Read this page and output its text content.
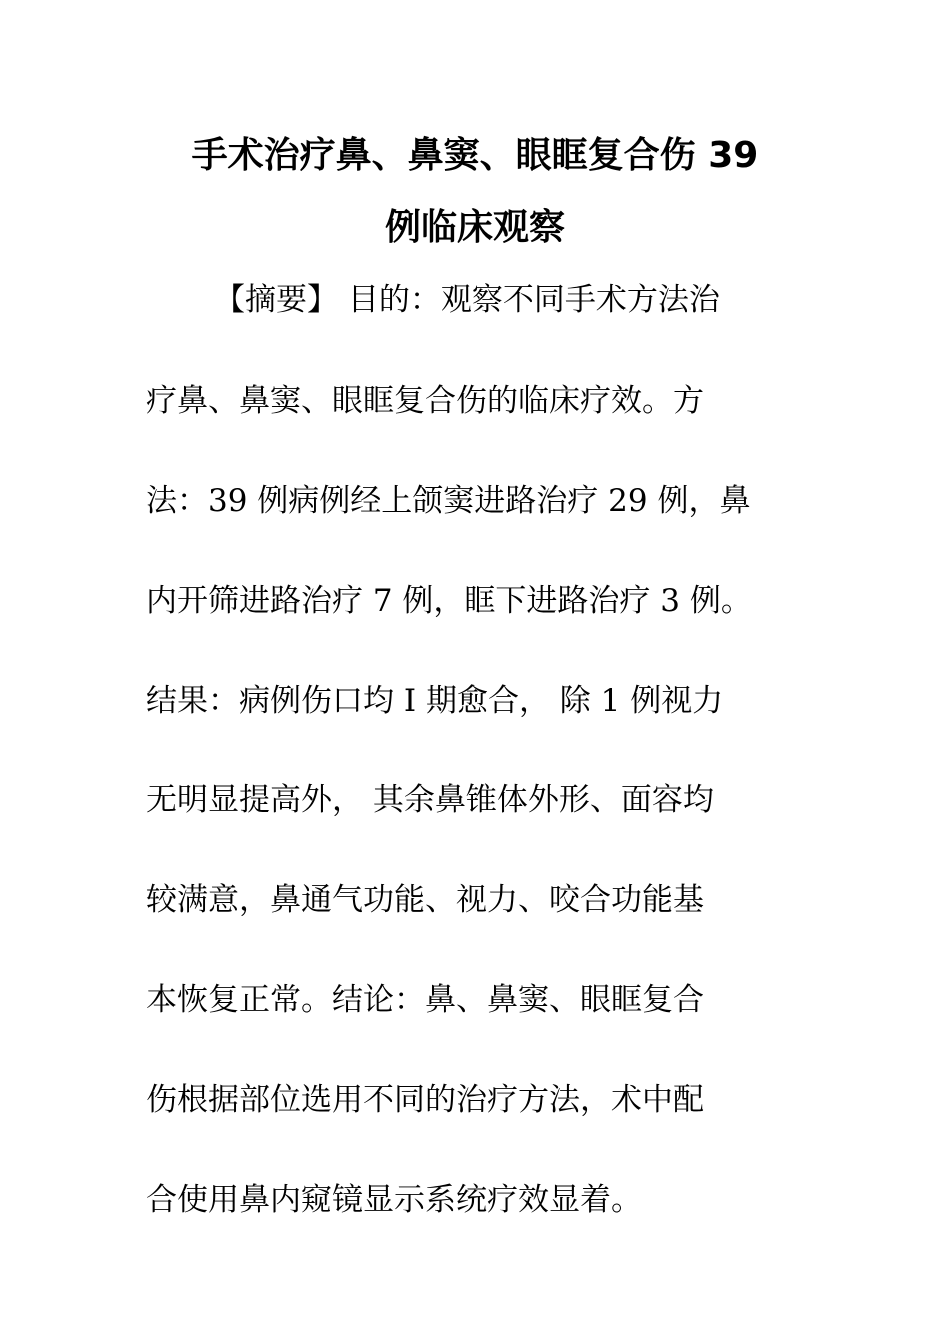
手术治疗鼻、鼻窦、眼眶复合伤 39
例临床观察
【摘要】 目的：观察不同手术方法治
疗鼻、鼻窦、眼眶复合伤的临床疗效。方
法：39 例病例经上颌窦进路治疗 29 例，鼻
内开筛进路治疗 7 例，眶下进路治疗 3 例。
结果：病例伤口均 I 期愈合， 除 1 例视力
无明显提高外， 其余鼻锥体外形、面容均
较满意，鼻通气功能、视力、咬合功能基
本恢复正常。结论：鼻、鼻窦、眼眶复合
伤根据部位选用不同的治疗方法，术中配
合使用鼻内窥镜显示系统疗效显着。
